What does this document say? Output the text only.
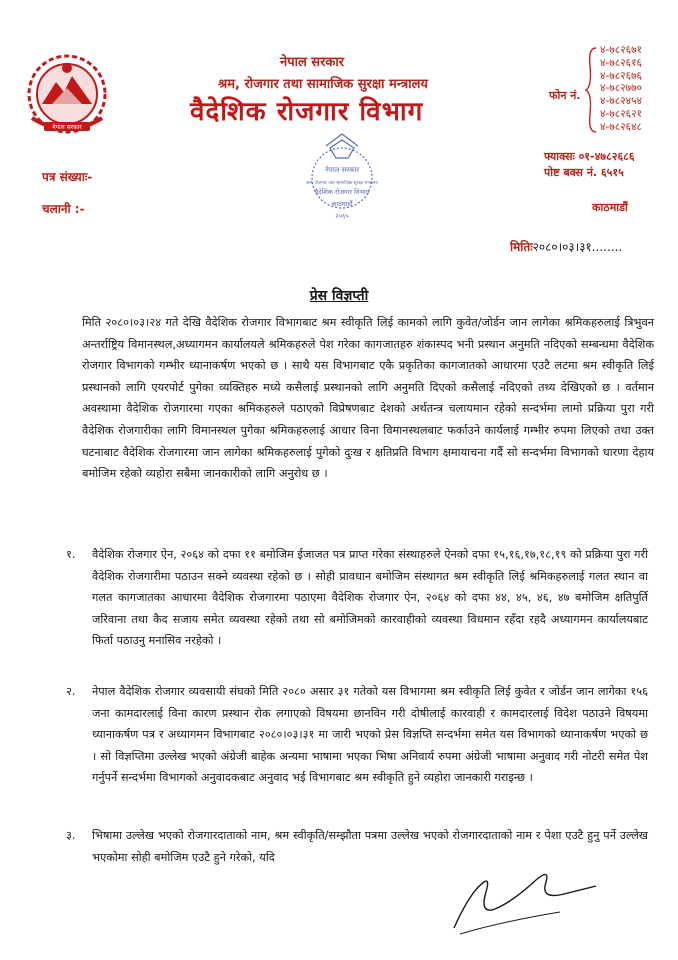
नेपाल सरकार
नेपाल सरकार
श्रम, रोजगार तथा सामाजिक सुरक्षा मन्त्रालय
वैदेशिक रोजगार विभाग
फोन नं.
४-७८२६७१
४-७८२६१६
४-७८२६७६
४-७८२७७०
४-७८२४५४
४-७८२६२१
४-७८२६४८
फ्याक्सः ०१-४७८२६८६
पोष्ट बक्स नं. ६५१५
काठमाडौं
पत्र संख्याः-
चलानी :-
नेपाल सरकार
श्रम, रोजगार तथा सामाजिक सुरक्षा मन्त्रालय
वैदेशिक रोजगार विभाग
काठमाडौं
२०६५
मितिः२०८०।०३।३१........
प्रेस विज्ञप्ती
मिति २०८०।०३।२४ गते देखि वैदेशिक रोजगार विभागबाट श्रम स्वीकृति लिई कामको लागि कुवेत/जोर्डन जान लागेका श्रमिकहरुलाई त्रिभुवन अन्तर्राष्ट्रिय विमानस्थल,अध्यागमन कार्यालयले श्रमिकहरुले पेश गरेका कागजातहरु शंकास्पद भनी प्रस्थान अनुमति नदिएको सम्बन्धमा वैदेशिक रोजगार विभागको गम्भीर ध्यानाकर्षण भएको छ । साथै यस विभागबाट एकै प्रकृतिका कागजातको आधारमा एउटै लटमा श्रम स्वीकृति लिई प्रस्थानको लागि एयरपोर्ट पुगेका व्यक्तिहरु मध्ये कसैलाई प्रस्थानको लागि अनुमति दिएको कसैलाई नदिएको तथ्य देखिएको छ । वर्तमान अवस्थामा वैदेशिक रोजगारमा गएका श्रमिकहरुले पठाएको विप्रेषणबाट देशको अर्थतन्त्र चलायमान रहेको सन्दर्भमा लामो प्रक्रिया पुरा गरी वैदेशिक रोजगारीका लागि विमानस्थल पुगेका श्रमिकहरुलाई आधार विना विमानस्थलबाट फर्काउने कार्यलाई गम्भीर रुपमा लिएको तथा उक्त घटनाबाट वैदेशिक रोजगारमा जान लागेका श्रमिकहरुलाई पुगेको दुःख र क्षतिप्रति विभाग क्षमायाचना गर्दै सो सन्दर्भमा विभागको धारणा देहाय बमोजिम रहेको व्यहोरा सबैमा जानकारीको लागि अनुरोध छ ।
१. वैदेशिक रोजगार ऐन, २०६४ को दफा ११ बमोजिम ईजाजत पत्र प्राप्त गरेका संस्थाहरुले ऐनको दफा १५,१६,१७,१८,१९ को प्रक्रिया पुरा गरी वैदेशिक रोजगारीमा पठाउन सक्ने व्यवस्था रहेको छ । सोही प्रावधान बमोजिम संस्थागत श्रम स्वीकृति लिई श्रमिकहरुलाई गलत स्थान वा गलत कागजातका आधारमा वैदेशिक रोजगारमा पठाएमा वैदेशिक रोजगार ऐन, २०६४ को दफा ४४, ४५, ४६, ४७ बमोजिम क्षतिपुर्ति जरिवाना तथा कैद सजाय समेत व्यवस्था रहेको तथा सो बमोजिमको कारवाहीको व्यवस्था विधमान रहँदा रहदै अध्यागमन कार्यालयबाट फिर्ता पठाउनु मनासिव नरहेको ।
२. नेपाल वैदेशिक रोजगार व्यवसायी संघको मिति २०८० असार ३१ गतेको यस विभागमा श्रम स्वीकृति लिई कुवेत र जोर्डन जान लागेका १५६ जना कामदारलाई विना कारण प्रस्थान रोक लगाएको विषयमा छानविन गरी दोषीलाई कारवाही र कामदारलाई विदेश पठाउने विषयमा ध्यानाकर्षण पत्र र अध्यागमन विभागबाट २०८०।०३।३१ मा जारी भएको प्रेस विज्ञप्ति सन्दर्भमा समेत यस विभागको ध्यानाकर्षण भएको छ । सो विज्ञप्तिमा उल्लेख भएको अंग्रेजी बाहेक अन्यमा भाषामा भएका भिषा अनिवार्य रुपमा अंग्रेजी भाषामा अनुवाद गरी नोटरी समेत पेश गर्नुपर्ने सन्दर्भमा विभागको अनुवादकबाट अनुवाद भई विभागबाट श्रम स्वीकृति हुने व्यहोरा जानकारी गराइन्छ ।
३. भिषामा उल्लेख भएको रोजगारदाताको नाम, श्रम स्वीकृति/सम्झौता पत्रमा उल्लेख भएको रोजगारदाताको नाम र पेशा एउटै हुनु पर्ने उल्लेख भएकोमा सोही बमोजिम एउटै हुने गरेको, यदि
